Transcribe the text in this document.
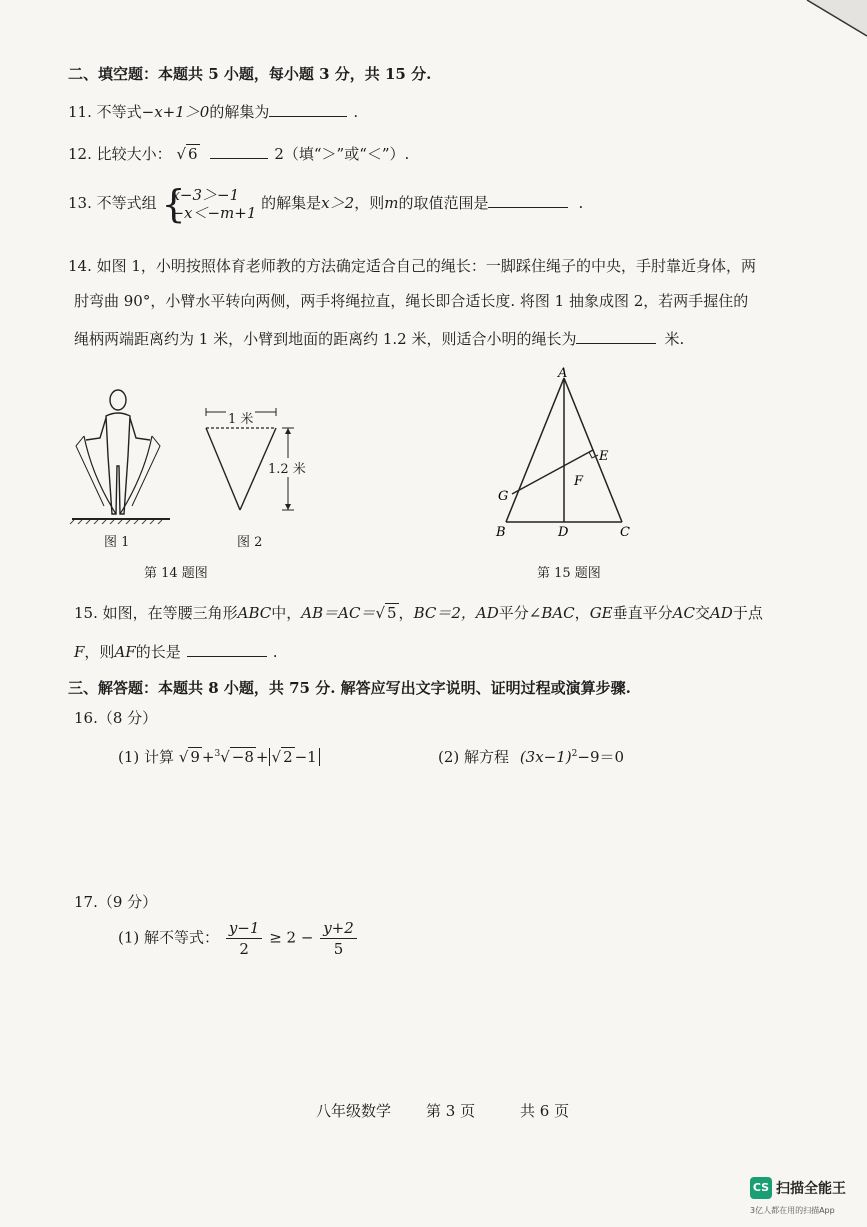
二、填空题：本题共 5 小题，每小题 3 分，共 15 分.
11. 不等式−x+1＞0的解集为	.
12. 比较大小： √ 6	2（填“＞”或“＜”）.
13. 不等式组 {
x−3＞−1
−x＜−m+1
的解集是x＞2，则m的取值范围是	.
14. 如图 1，小明按照体育老师教的方法确定适合自己的绳长：一脚踩住绳子的中央，手肘靠近身体，两
肘弯曲 90°，小臂水平转向两侧，两手将绳拉直，绳长即合适长度. 将图 1 抽象成图 2，若两手握住的
绳柄两端距离约为 1 米，小臂到地面的距离约 1.2 米，则适合小明的绳长为	米.
图 1
1 米
1.2 米
图 2
第 14 题图
A
B	D	C
E
F
G
第 15 题图
15. 如图，在等腰三角形ABC中，AB＝AC＝√ 5 ，BC＝2，AD平分∠BAC，GE垂直平分AC交AD于点
F，则AF的长是	.
三、解答题：本题共 8 小题，共 75 分. 解答应写出文字说明、证明过程或演算步骤.
16.（8 分）
(1) 计算 √ 9 +$^3$√ −8 + √ 2 −1	(2) 解方程 $(3x-1)^2-9=0$
17.（9 分）
(1) 解不等式： $\frac{y-1}{2} \ge 2 - \frac{y+2}{5}$
八年级数学 第 3 页	共 6 页
CS 扫描全能王
3亿人都在用的扫描App
